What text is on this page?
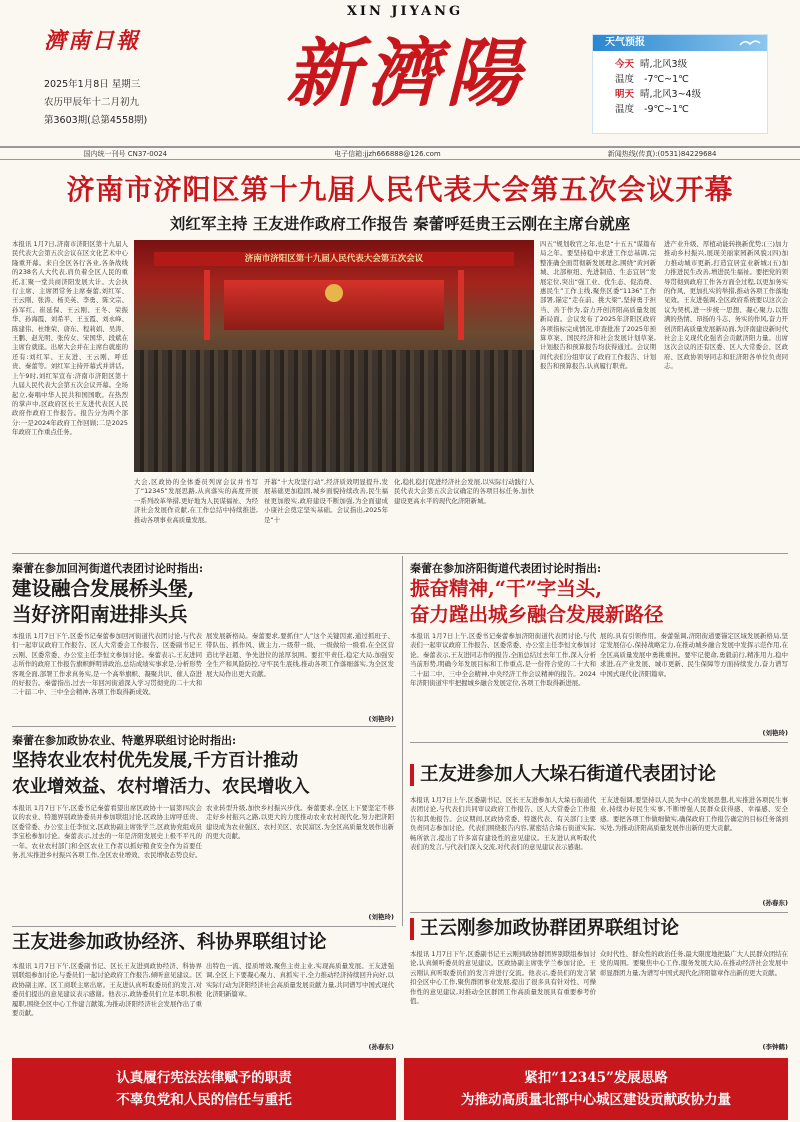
濟南日報
2025年1月8日 星期三
农历甲辰年十二月初九
第3603期(总第4558期)
XIN JIYANG
新濟陽	天气预报
今天 晴,北风3级
温度 -7℃~1℃
明天 晴,北风3~4级
温度 -9℃~1℃
国内统一刊号 CN37-0024	电子信箱:jjzh666888@126.com	新闻热线(传真):(0531)84229684
济南市济阳区第十九届人民代表大会第五次会议开幕
刘红军主持 王友进作政府工作报告 秦蕾呼廷贵王云刚在主席台就座
本报讯 1月7日,济南市济阳区第十九届人民代表大会第五次会议在区文化艺术中心隆重开幕。来自全区各行各业,各条战线的238名人大代表,肩负着全区人民的重托,汇聚一堂共商济阳发展大计。大会执行主席、主席团常务主席秦蕾,刘红军、王云刚、张涛、杨美英、李勇、陈文宗、孙军红、崔延保、王云刚、王冬、荣振华、孙海霞、刘希平、王玉霞、刘永峰、陈建伟、杜维荣、唐东、程莉娟、吴涛、王鹏、赵光明、张传女、宋国华、段斌在主席台就座。出席大会并在主席台就座的还有:刘红军、王友进、王云刚、呼廷贵、秦蕾等。刘红军主持开幕式并讲话。上午9时,刘红军宣布:济南市济阳区第十九届人民代表大会第五次会议开幕。全场起立,奏唱中华人民共和国国歌。在热烈的掌声中,区政府区长王友进代表区人民政府作政府工作报告。报告分为两个部分:一是2024年政府工作回顾;二是2025年政府工作重点任务。
济南市济阳区第十九届人民代表大会第五次会议
大会,区政协的全体委员列席会议并书写了“12345”发展思路,从真落实的高度开展一系列改革举措,更好地为人民谋福祉、为经济社会发展作贡献,在工作总结中持续推进,推动各项事业高质量发展。
开幕“十大攻坚行动”,经济质效明显提升,发展基础更加稳固,城乡面貌持续改善,民生福祉更加殷实,政府建设不断加强,为全面建成小康社会奠定坚实基础。会议指出,2025年是“十
化,稳扎稳打促进经济社会发展,以实际行动践行人民代表大会第五次会议确定的各项目标任务,加快建设更高水平的现代化济阳新城。
四五”规划收官之年,也是“十五五”谋篇布局之年。要坚持稳中求进工作总基调,完整准确全面贯彻新发展理念,围绕“黄河新城、北部枢纽、先进制造、生态宜居”发展定位,突出“强工业、优生态、促消费、惠民生”工作主线,聚焦区委“1136”工作部署,锚定“走在前、挑大梁”,坚持勇于担当、善于作为,奋力开创济阳高质量发展新局面。会议发布了2025年济阳区政府各项指标完成情况,审查批准了2025年预算草案、国民经济和社会发展计划草案,计划报告和预算报告均获得通过。会议期间代表们分组审议了政府工作报告、计划报告和预算报告,认真履行职责。
进产业升级、厚植动能转换新优势;(三)加力推动乡村振兴,展现美丽家园新风貌;(四)加力推动城市更新,打造宜居宜业新城;(五)加力推进民生改善,增进民生福祉。要把党的领导贯彻到政府工作各方面全过程,以更加务实的作风、更加扎实的举措,推动各项工作落地见效。王友进强调,全区政府系统要以这次会议为契机,进一步统一思想、凝心聚力,以饱满的热情、昂扬的斗志、务实的作风,奋力开创济阳高质量发展新局面,为济南建设新时代社会主义现代化强省会贡献济阳力量。出席这次会议的还有区委、区人大常委会、区政府、区政协领导同志和驻济阳各单位负责同志。
秦蕾在参加回河街道代表团讨论时指出:
建设融合发展桥头堡,
当好济阳南进排头兵
本报讯 1月7日下午,区委书记秦蕾参加回河街道代表团讨论,与代表们一起审议政府工作报告、区人大常委会工作报告、区委副书记王云刚、区委常委、办公室主任李恒文参加讨论。秦蕾表示,王友进同志所作的政府工作报告旗帜鲜明讲政治,总结成绩实事求是,分析形势客观全面,部署工作求真务实,是一个高举旗帜、凝聚共识、催人奋进的好报告。秦蕾指出,过去一年回河街道深入学习贯彻党的二十大和二十届二中、三中全会精神,各项工作取得新成效。
展发展新格局。秦蕾要求,要抓住“人”这个关键因素,通过抓班子、带队伍、抓作风、做主力,一级带一级、一级做给一级看,在全区营造比学赶超、争先进位的浓厚氛围。要扛牢责任,稳定大局,加强安全生产和风险防控,守牢民生底线,推动各项工作落细落实,为全区发展大局作出更大贡献。
(刘艳玲)
秦蕾在参加济阳街道代表团讨论时指出:
振奋精神,“干”字当头,
奋力蹚出城乡融合发展新路径
本报讯 1月7日上午,区委书记秦蕾参加济阳街道代表团讨论,与代表们一起审议政府工作报告、区委常委、办公室主任李恒文参加讨论。秦蕾表示,王友进同志作的报告,全面总结过去年工作,深入分析当前形势,明确今年发展目标和工作重点,是一份符合党的二十大和二十届二中、三中全会精神,中央经济工作会议精神的报告。2024年济阳街道牢牢把握城乡融合发展定位,各项工作取得新进展。
展的,具有引领作用。秦蕾强调,济阳街道要锚定区域发展新格局,坚定发展信心,保持战略定力,在推动城乡融合发展中发挥示范作用,在全区高质量发展中勇挑重担。要牢记使命,勇毅前行,精准用力,稳中求进,在产业发展、城市更新、民生保障等方面持续发力,奋力谱写中国式现代化济阳篇章。
(刘艳玲)
秦蕾在参加政协农业、特邀界联组讨论时指出:
坚持农业农村优先发展,千方百计推动
农业增效益、农村增活力、农民增收入
本报讯 1月7日下午,区委书记秦蕾看望出席区政协十一届第四次会议的农业、特邀界别政协委员并参加联组讨论,区政协主席呼廷贵、区委常委、办公室主任李恒文,区政协副主席张学兰,区政协党组成员李宝松参加讨论。秦蕾表示,过去的一年是济阳发展史上极不平凡的一年。农业农村部门和全区农业工作者以抓好粮食安全作为首要任务,扎实推进乡村振兴各项工作,全区农业增效、农民增收态势良好。
农业转型升级,加快乡村振兴步伐。秦蕾要求,全区上下要坚定不移走好乡村振兴之路,以更大的力度推动农业农村现代化,努力把济阳建设成为农业强区、农村美区、农民富区,为全区高质量发展作出新的更大贡献。
(刘艳玲)
王友进参加人大垛石街道代表团讨论
本报讯 1月7日上午,区委副书记、区长王友进参加人大垛石街道代表团讨论,与代表们共同审议政府工作报告、区人大常委会工作报告和其他报告。会议期间,区政协常委、特邀代表、有关部门主要负责同志参加讨论。代表们围绕报告内容,紧密结合垛石街道实际,畅所欲言,提出了许多富有建设性的意见建议。王友进认真听取代表们的发言,与代表们深入交流,对代表们的意见建议表示感谢。
王友进强调,要坚持以人民为中心的发展思想,扎实推进各项民生事业,持续办好民生实事,不断增强人民群众获得感、幸福感、安全感。要把各项工作做细做实,确保政府工作报告确定的目标任务落到实处,为推动济阳高质量发展作出新的更大贡献。
(孙春东)
王友进参加政协经济、科协界联组讨论
本报讯 1月7日下午,区委副书记、区长王友进到政协经济、科协界别联组参加讨论,与委员们一起讨论政府工作报告,倾听意见建议。区政协副主席、区工商联主席出席。王友进认真听取委员们的发言,对委员们提出的意见建议表示感谢。他表示,政协委员们立足本职,积极履职,围绕全区中心工作建言献策,为推动济阳经济社会发展作出了重要贡献。
出特色一流、提质增效,聚焦主责主业,实现高质量发展。王友进强调,全区上下要凝心聚力、真抓实干,全力推动经济持续回升向好,以实际行动为济阳经济社会高质量发展贡献力量,共同谱写中国式现代化济阳新篇章。
(孙春东)
王云刚参加政协群团界联组讨论
本报讯 1月7日下午,区委副书记王云刚到政协群团界别联组参加讨论,认真倾听委员的意见建议。区政协副主席张学兰参加讨论。王云刚认真听取委员们的发言并进行交流。他表示,委员们的发言紧扣全区中心工作,聚焦群团事业发展,提出了很多具有针对性、可操作性的意见建议,对推动全区群团工作高质量发展具有重要参考价值。
众时代性、群众性的政治任务,最大限度地把最广大人民群众团结在党的周围。要聚焦中心工作,服务发展大局,在推动经济社会发展中彰显群团力量,为谱写中国式现代化济阳篇章作出新的更大贡献。
(李钟鹤)
认真履行宪法法律赋予的职责
不辜负党和人民的信任与重托
紧扣“12345”发展思路
为推动高质量北部中心城区建设贡献政协力量
